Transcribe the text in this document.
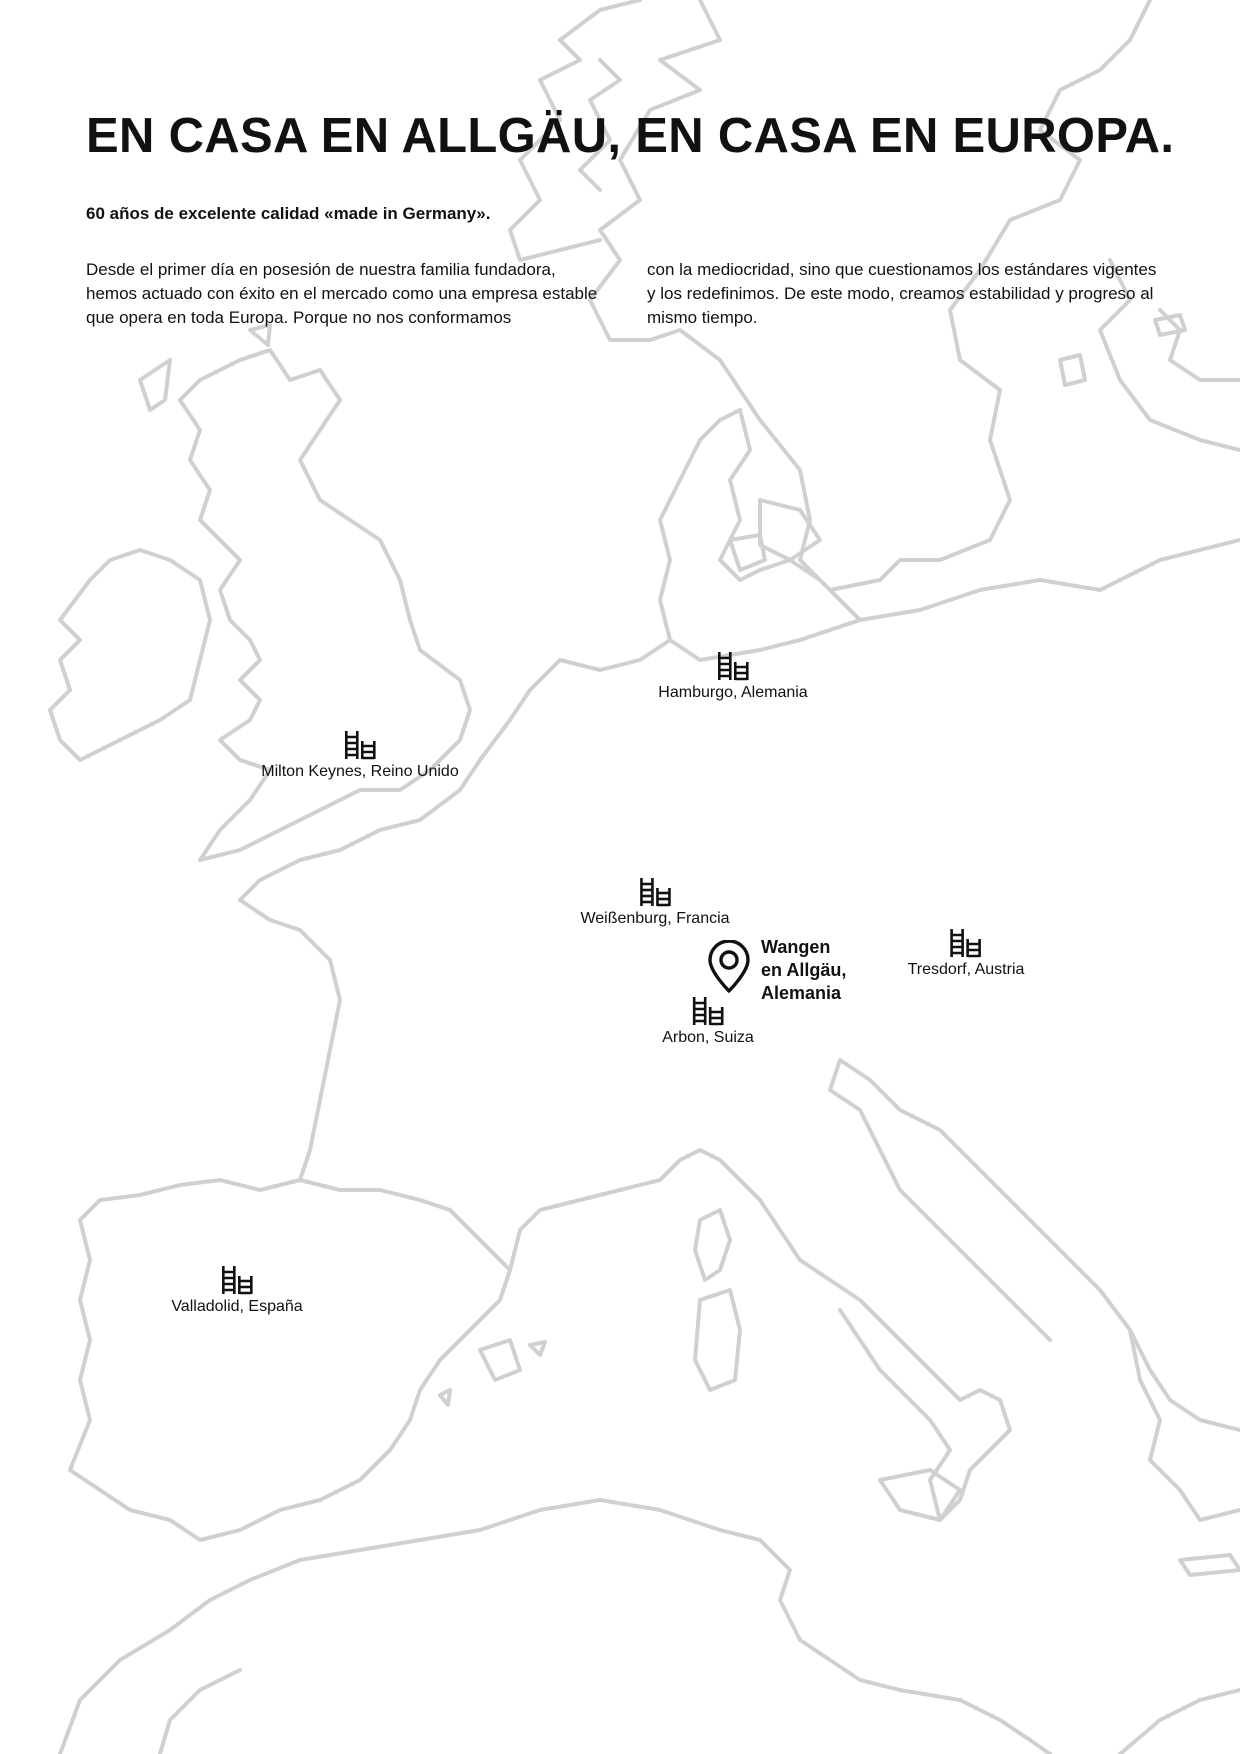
EN CASA EN ALLGÄU, EN CASA EN EUROPA.

60 años de excelente calidad «made in Germany».

Desde el primer día en posesión de nuestra familia fundadora, hemos actuado con éxito en el mercado como una empresa estable que opera en toda Europa. Porque no nos conformamos

con la mediocridad, sino que cuestionamos los estándares vigentes y los redefinimos. De este modo, creamos estabilidad y progreso al mismo tiempo.

Hamburgo, Alemania
Milton Keynes, Reino Unido
Weißenburg, Francia
Tresdorf, Austria
Arbon, Suiza
Valladolid, España
Wangen
en Allgäu,
Alemania
